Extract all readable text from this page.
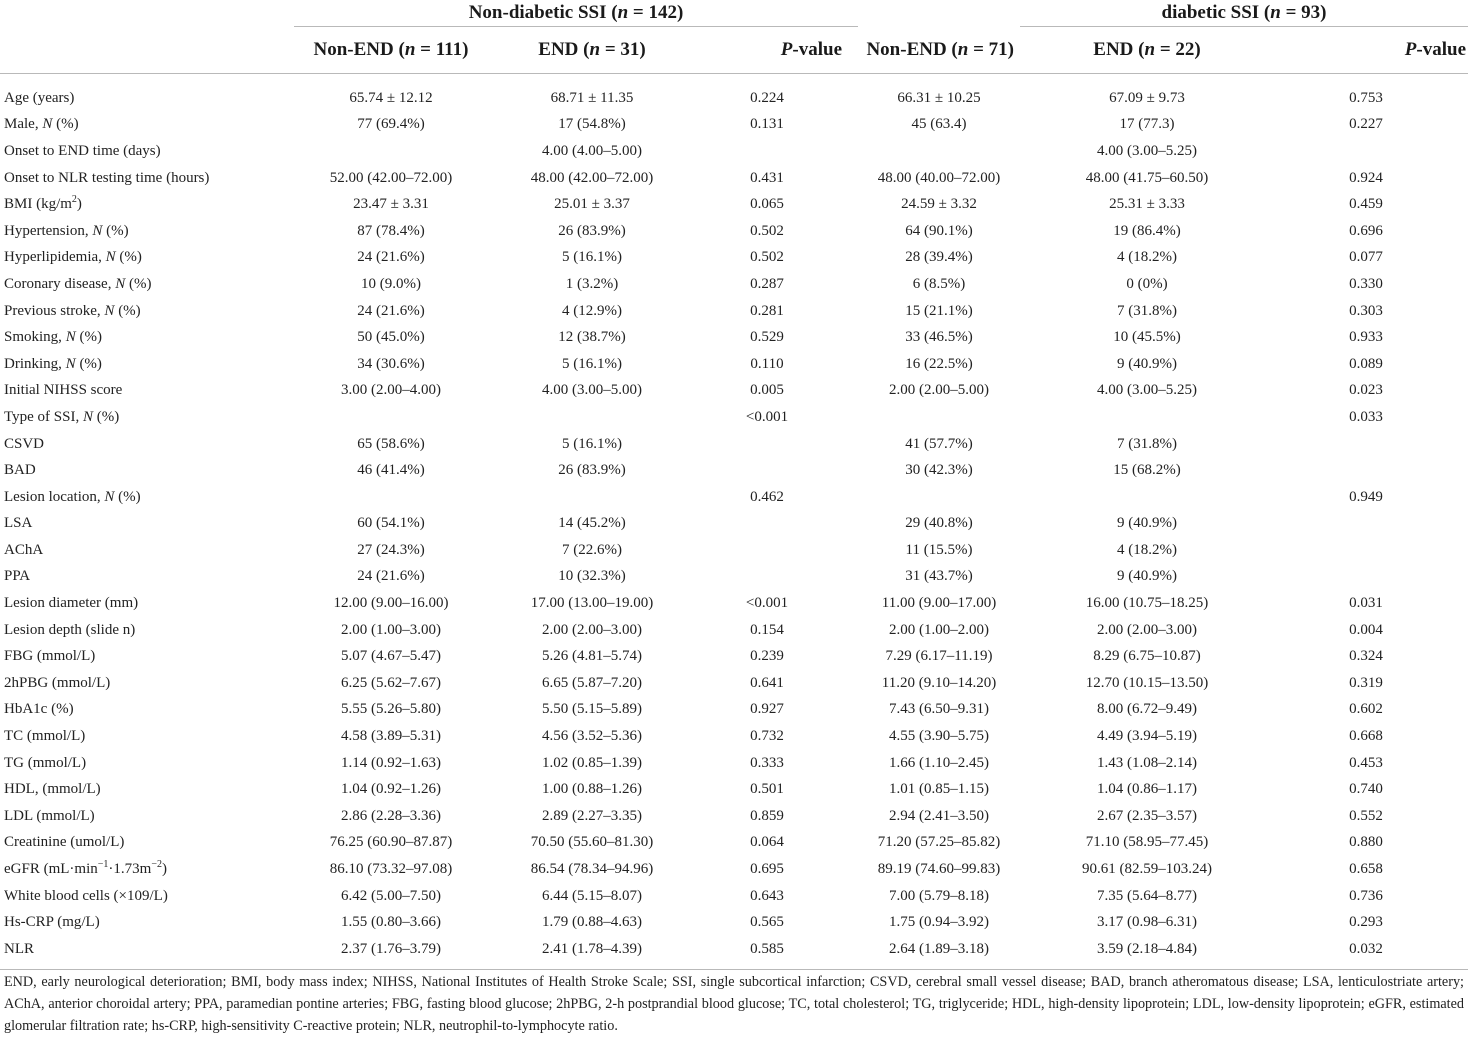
	Non-diabetic SSI (n = 142)				diabetic SSI (n = 93)	
	Non-END (n = 111)	END (n = 31)	P-value	Non-END (n = 71)	END (n = 22)	P-value

Age (years)	65.74 ± 12.12	68.71 ± 11.35	0.224	66.31 ± 10.25	67.09 ± 9.73	0.753
Male, N (%)	77 (69.4%)	17 (54.8%)	0.131	45 (63.4)	17 (77.3)	0.227
Onset to END time (days)		4.00 (4.00–5.00)			4.00 (3.00–5.25)	
Onset to NLR testing time (hours)	52.00 (42.00–72.00)	48.00 (42.00–72.00)	0.431	48.00 (40.00–72.00)	48.00 (41.75–60.50)	0.924
BMI $(kg/m^2)$	23.47 ± 3.31	25.01 ± 3.37	0.065	24.59 ± 3.32	25.31 ± 3.33	0.459
Hypertension, N (%)	87 (78.4%)	26 (83.9%)	0.502	64 (90.1%)	19 (86.4%)	0.696
Hyperlipidemia, N (%)	24 (21.6%)	5 (16.1%)	0.502	28 (39.4%)	4 (18.2%)	0.077
Coronary disease, N (%)	10 (9.0%)	1 (3.2%)	0.287	6 (8.5%)	0 (0%)	0.330
Previous stroke, N (%)	24 (21.6%)	4 (12.9%)	0.281	15 (21.1%)	7 (31.8%)	0.303
Smoking, N (%)	50 (45.0%)	12 (38.7%)	0.529	33 (46.5%)	10 (45.5%)	0.933
Drinking, N (%)	34 (30.6%)	5 (16.1%)	0.110	16 (22.5%)	9 (40.9%)	0.089
Initial NIHSS score	3.00 (2.00–4.00)	4.00 (3.00–5.00)	0.005	2.00 (2.00–5.00)	4.00 (3.00–5.25)	0.023
Type of SSI, N (%)			<0.001			0.033
CSVD	65 (58.6%)	5 (16.1%)		41 (57.7%)	7 (31.8%)	
BAD	46 (41.4%)	26 (83.9%)		30 (42.3%)	15 (68.2%)	
Lesion location, N (%)			0.462			0.949
LSA	60 (54.1%)	14 (45.2%)		29 (40.8%)	9 (40.9%)	
AChA	27 (24.3%)	7 (22.6%)		11 (15.5%)	4 (18.2%)	
PPA	24 (21.6%)	10 (32.3%)		31 (43.7%)	9 (40.9%)	
Lesion diameter (mm)	12.00 (9.00–16.00)	17.00 (13.00–19.00)	<0.001	11.00 (9.00–17.00)	16.00 (10.75–18.25)	0.031
Lesion depth (slide n)	2.00 (1.00–3.00)	2.00 (2.00–3.00)	0.154	2.00 (1.00–2.00)	2.00 (2.00–3.00)	0.004
FBG (mmol/L)	5.07 (4.67–5.47)	5.26 (4.81–5.74)	0.239	7.29 (6.17–11.19)	8.29 (6.75–10.87)	0.324
2hPBG (mmol/L)	6.25 (5.62–7.67)	6.65 (5.87–7.20)	0.641	11.20 (9.10–14.20)	12.70 (10.15–13.50)	0.319
HbA1c (%)	5.55 (5.26–5.80)	5.50 (5.15–5.89)	0.927	7.43 (6.50–9.31)	8.00 (6.72–9.49)	0.602
TC (mmol/L)	4.58 (3.89–5.31)	4.56 (3.52–5.36)	0.732	4.55 (3.90–5.75)	4.49 (3.94–5.19)	0.668
TG (mmol/L)	1.14 (0.92–1.63)	1.02 (0.85–1.39)	0.333	1.66 (1.10–2.45)	1.43 (1.08–2.14)	0.453
HDL, (mmol/L)	1.04 (0.92–1.26)	1.00 (0.88–1.26)	0.501	1.01 (0.85–1.15)	1.04 (0.86–1.17)	0.740
LDL (mmol/L)	2.86 (2.28–3.36)	2.89 (2.27–3.35)	0.859	2.94 (2.41–3.50)	2.67 (2.35–3.57)	0.552
Creatinine (umol/L)	76.25 (60.90–87.87)	70.50 (55.60–81.30)	0.064	71.20 (57.25–85.82)	71.10 (58.95–77.45)	0.880
eGFR $(mL\cdot\min^{-1}\cdot 1.73m^{-2})$	86.10 (73.32–97.08)	86.54 (78.34–94.96)	0.695	89.19 (74.60–99.83)	90.61 (82.59–103.24)	0.658
White blood cells (×109/L)	6.42 (5.00–7.50)	6.44 (5.15–8.07)	0.643	7.00 (5.79–8.18)	7.35 (5.64–8.77)	0.736
Hs-CRP (mg/L)	1.55 (0.80–3.66)	1.79 (0.88–4.63)	0.565	1.75 (0.94–3.92)	3.17 (0.98–6.31)	0.293
NLR	2.37 (1.76–3.79)	2.41 (1.78–4.39)	0.585	2.64 (1.89–3.18)	3.59 (2.18–4.84)	0.032
END, early neurological deterioration; BMI, body mass index; NIHSS, National Institutes of Health Stroke Scale; SSI, single subcortical infarction; CSVD, cerebral small vessel disease; BAD, branch atheromatous disease; LSA, lenticulostriate artery; AChA, anterior choroidal artery; PPA, paramedian pontine arteries; FBG, fasting blood glucose; 2hPBG, 2-h postprandial blood glucose; TC, total cholesterol; TG, triglyceride; HDL, high-density lipoprotein; LDL, low-density lipoprotein; eGFR, estimated glomerular filtration rate; hs-CRP, high-sensitivity C-reactive protein; NLR, neutrophil-to-lymphocyte ratio.
